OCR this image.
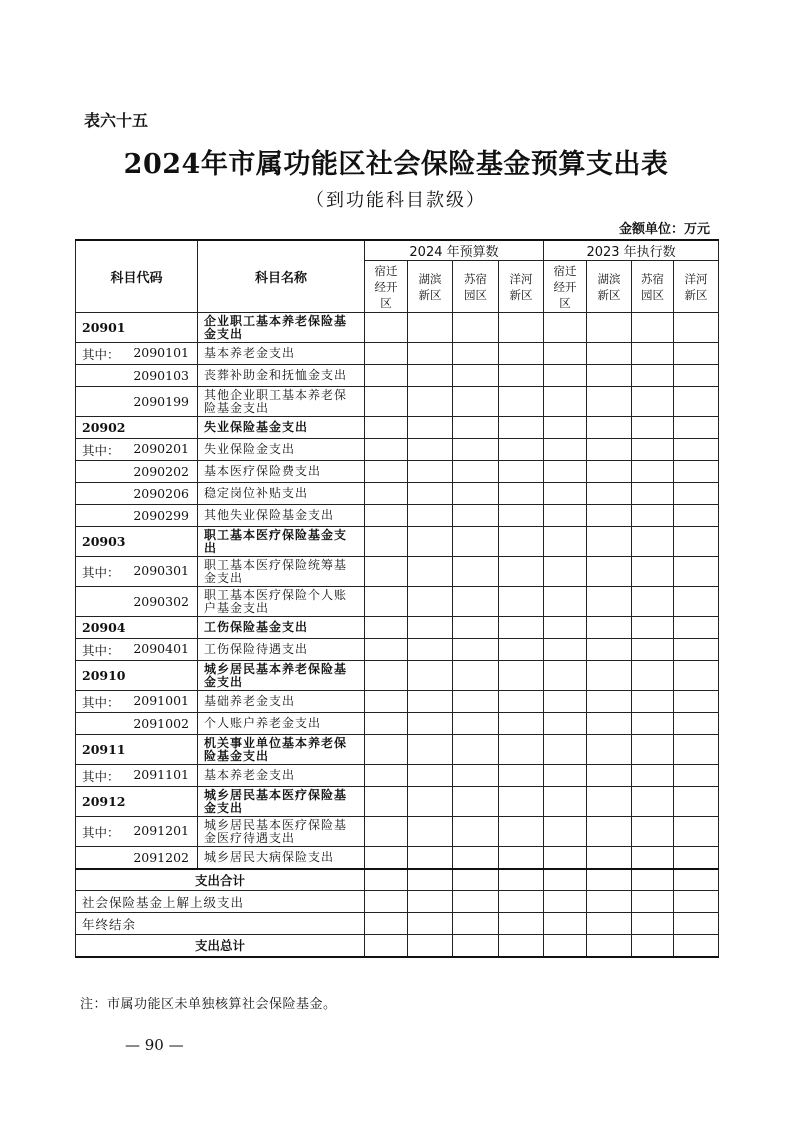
表六十五
2024年市属功能区社会保险基金预算支出表
（到功能科目款级）
金额单位：万元
科目代码	科目名称	2024 年预算数				2023 年执行数			

		宿迁经开区	湖滨新区	苏宿园区	洋河新区	宿迁经开区	湖滨新区	苏宿园区	洋河新区

20901	企业职工基本养老保险基金支出								

其中： 2090101	基本养老金支出								

2090103	丧葬补助金和抚恤金支出								

2090199	其他企业职工基本养老保险基金支出								

20902	失业保险基金支出								

其中： 2090201	失业保险金支出								

2090202	基本医疗保险费支出								

2090206	稳定岗位补贴支出								

2090299	其他失业保险基金支出								

20903	职工基本医疗保险基金支出								

其中： 2090301	职工基本医疗保险统筹基金支出								

2090302	职工基本医疗保险个人账户基金支出								

20904	工伤保险基金支出								

其中： 2090401	工伤保险待遇支出								

20910	城乡居民基本养老保险基金支出								

其中： 2091001	基础养老金支出								

2091002	个人账户养老金支出								

20911	机关事业单位基本养老保险基金支出								

其中： 2091101	基本养老金支出								

20912	城乡居民基本医疗保险基金支出								

其中： 2091201	城乡居民基本医疗保险基金医疗待遇支出								

2091202	城乡居民大病保险支出								

支出合计									
社会保险基金上解上级支出									
年终结余									
支出总计									
注：市属功能区未单独核算社会保险基金。
— 90 —
